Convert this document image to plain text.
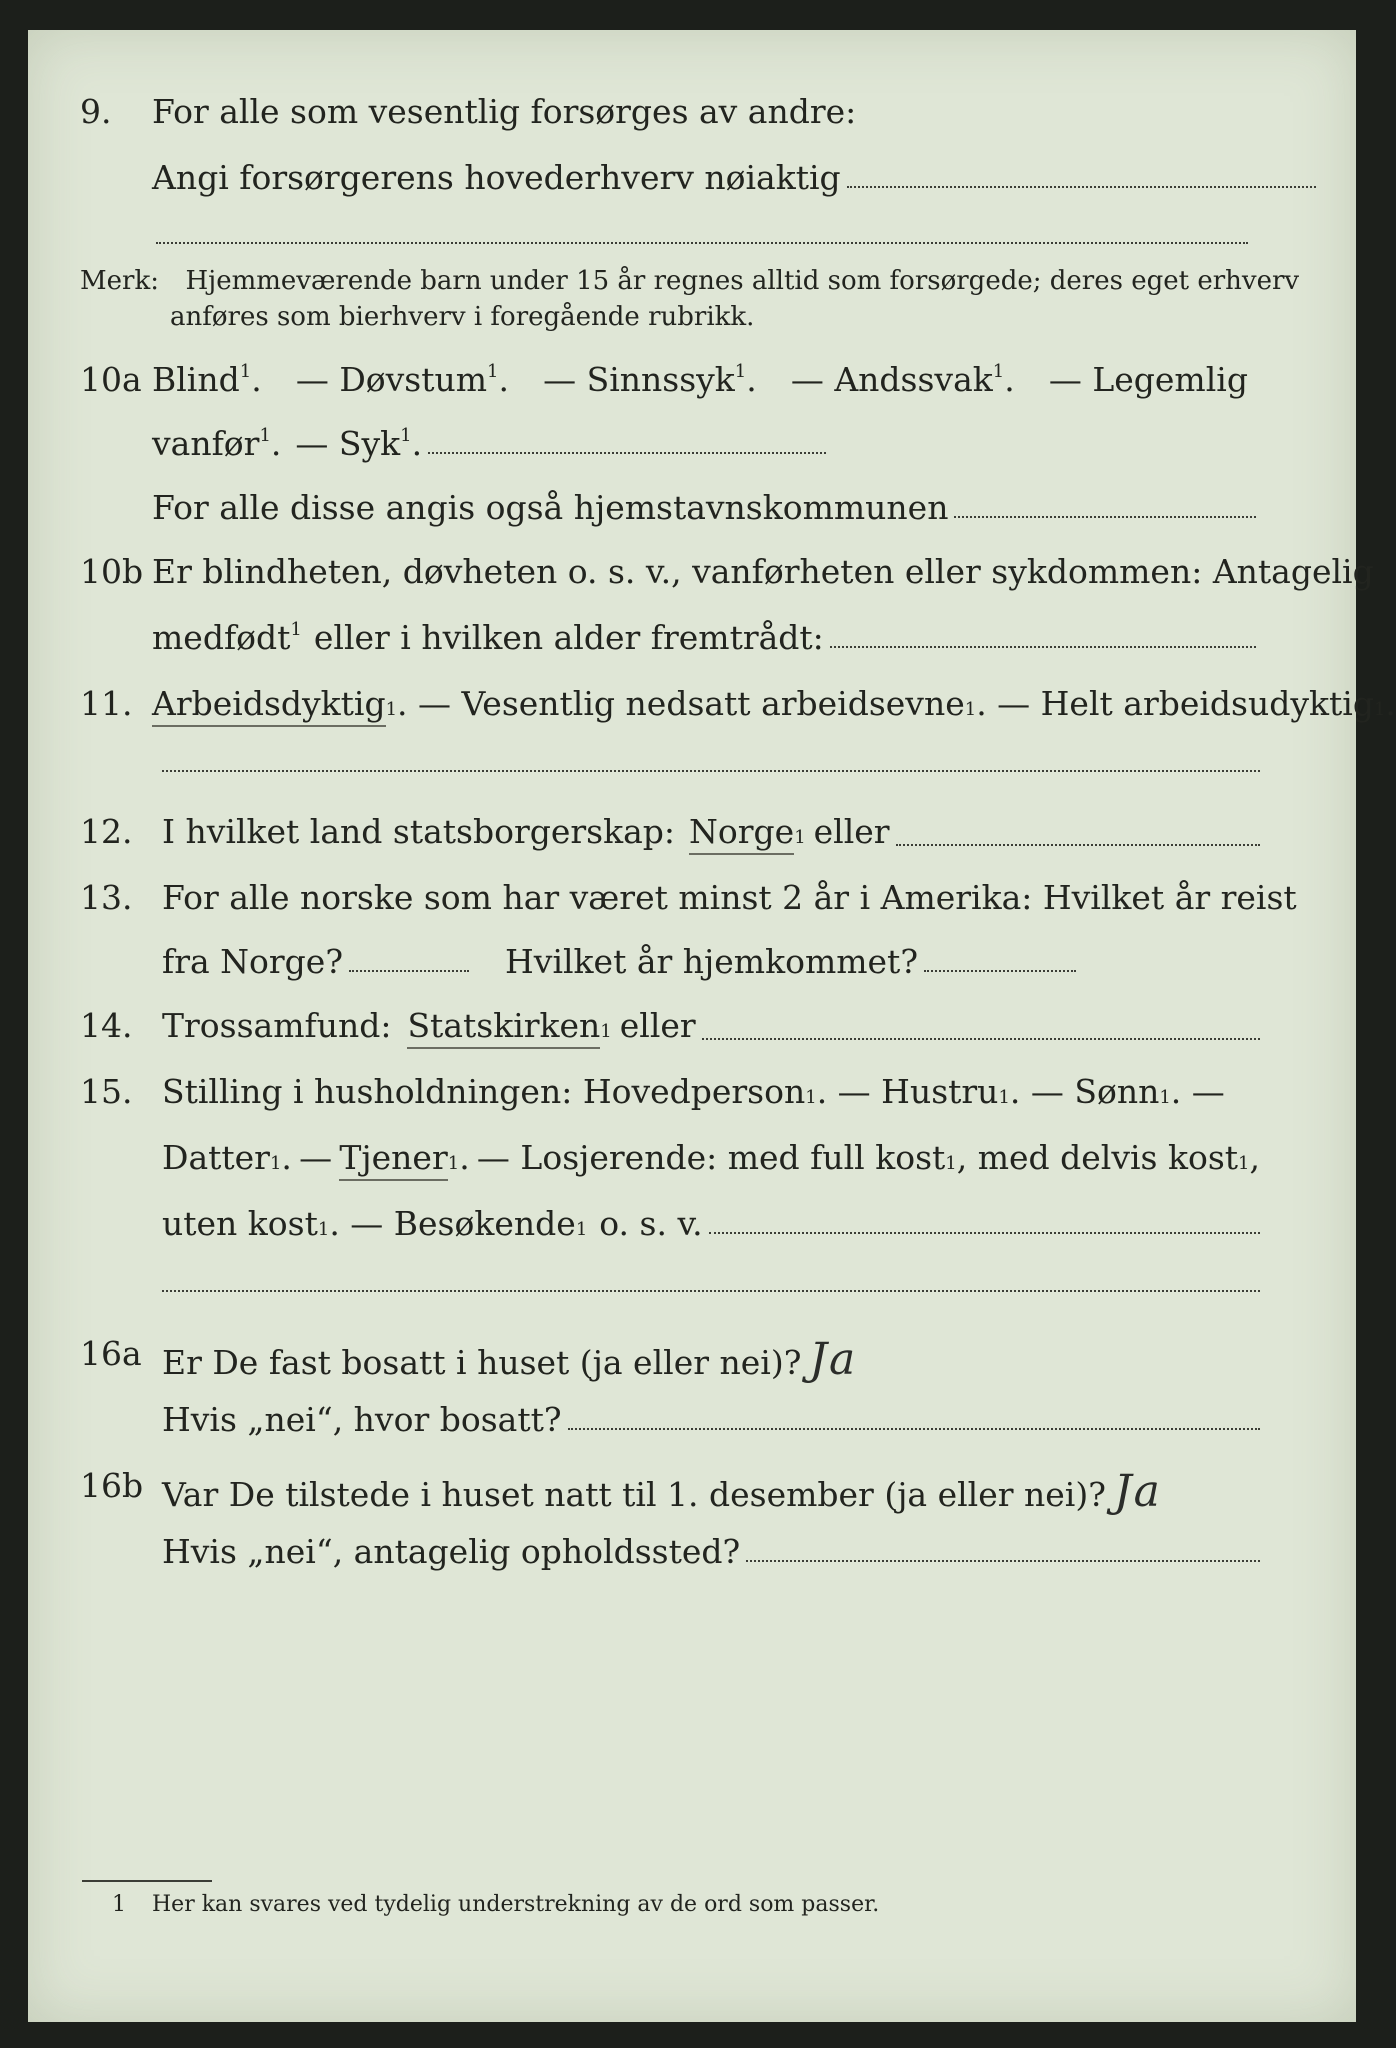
9.	For alle som vesentlig forsørges av andre:
Angi forsørgerens hovederhverv nøiaktig
Merk: Hjemmeværende barn under 15 år regnes alltid som forsørgede; deres eget erhverv
anføres som bierhverv i foregående rubrikk.
10a Blind$^1$. — Døvstum$^1$. — Sinnssyk$^1$. — Andssvak$^1$. — Legemlig
vanfør$^1$. — Syk$^1$.
For alle disse angis også hjemstavnskommunen
10b Er blindheten, døvheten o. s. v., vanførheten eller sykdommen: Antagelig
medfødt$^1$ eller i hvilken alder fremtrådt:
11. Arbeidsdyktig 1 . — Vesentlig nedsatt arbeidsevne 1 . — Helt arbeidsudyktig 1 .
12. I hvilket land statsborgerskap: Norge 1 eller
13. For alle norske som har været minst 2 år i Amerika: Hvilket år reist
fra Norge?	Hvilket år hjemkommet?
14. Trossamfund: Statskirken 1 eller
15. Stilling i husholdningen: Hovedperson 1 . — Hustru 1 . — Sønn 1 . —
Datter 1 .
— Tjener 1 . — Losjerende: med full kost 1 , med delvis kost 1 ,
uten kost 1 . — Besøkende 1 o. s. v.
16a Er De fast bosatt i huset (ja eller nei)? Ja
Hvis „nei“, hvor bosatt?
16b Var De tilstede i huset natt til 1. desember (ja eller nei)? Ja
Hvis „nei“, antagelig opholdssted?
1 Her kan svares ved tydelig understrekning av de ord som passer.
